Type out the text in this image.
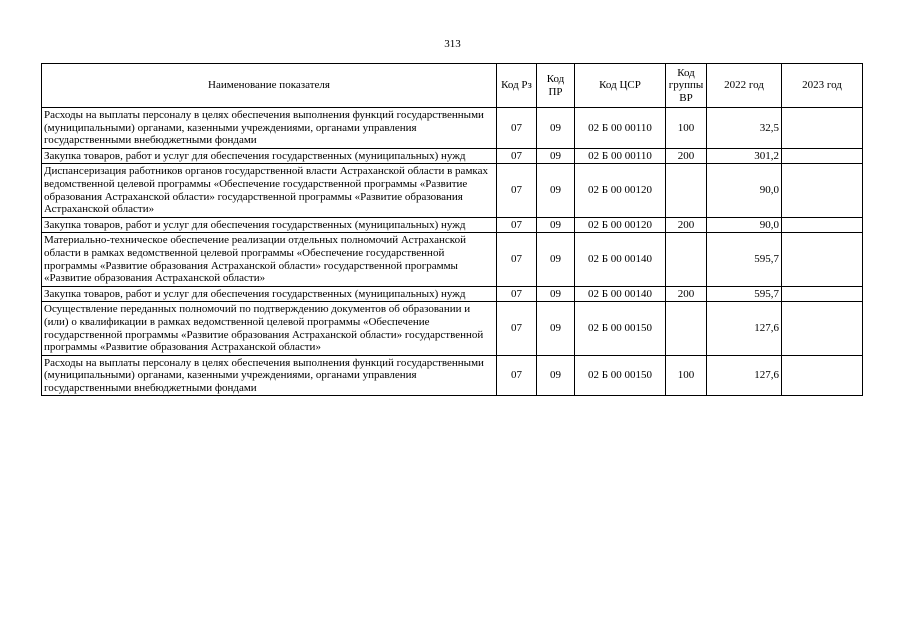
313
Наименование показателя	Код Рз	Код ПР	Код ЦСР	Код группы ВР	2022 год	2023 год
Расходы на выплаты персоналу в целях обеспечения выполнения функций государственными (муниципальными) органами, казенными учреждениями, органами управления государственными внебюджетными фондами	07	09	02 Б 00 00110	100	32,5	
Закупка товаров, работ и услуг для обеспечения государственных (муниципальных) нужд	07	09	02 Б 00 00110	200	301,2	
Диспансеризация работников органов государственной власти Астраханской области в рамках ведомственной целевой программы «Обеспечение государственной программы «Развитие образования Астраханской области» государственной программы «Развитие образования Астраханской области»	07	09	02 Б 00 00120		90,0	
Закупка товаров, работ и услуг для обеспечения государственных (муниципальных) нужд	07	09	02 Б 00 00120	200	90,0	
Материально-техническое обеспечение реализации отдельных полномочий Астраханской области в рамках ведомственной целевой программы «Обеспечение государственной программы «Развитие образования Астраханской области» государственной программы «Развитие образования Астраханской области»	07	09	02 Б 00 00140		595,7	
Закупка товаров, работ и услуг для обеспечения государственных (муниципальных) нужд	07	09	02 Б 00 00140	200	595,7	
Осуществление переданных полномочий по подтверждению документов об образовании и (или) о квалификации в рамках ведомственной целевой программы «Обеспечение государственной программы «Развитие образования Астраханской области» государственной программы «Развитие образования Астраханской области»	07	09	02 Б 00 00150		127,6	
Расходы на выплаты персоналу в целях обеспечения выполнения функций государственными (муниципальными) органами, казенными учреждениями, органами управления государственными внебюджетными фондами	07	09	02 Б 00 00150	100	127,6	
